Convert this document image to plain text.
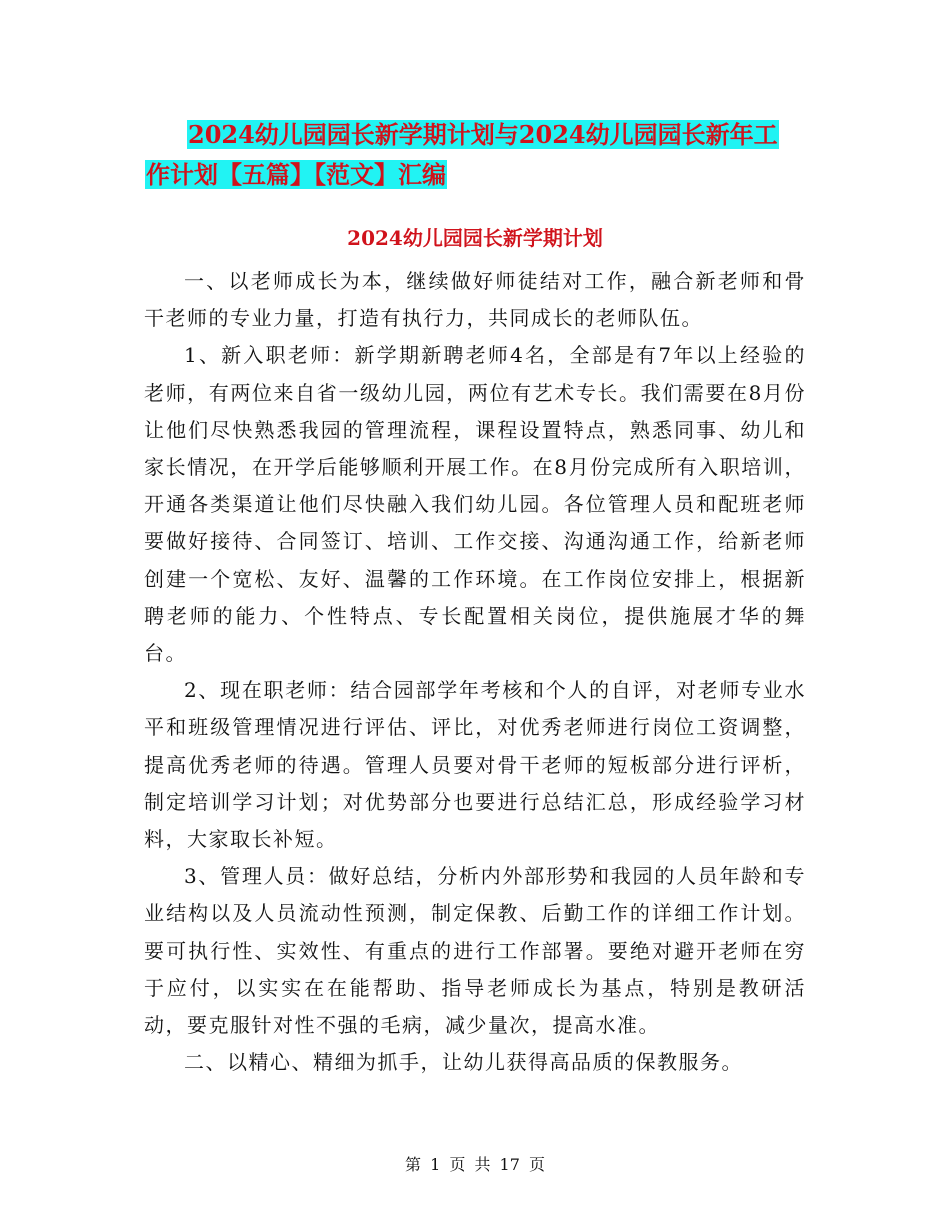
2024幼儿园园长新学期计划与2024幼儿园园长新年工
作计划【五篇】【范文】汇编
2024幼儿园园长新学期计划

一、以老师成长为本，继续做好师徒结对工作，融合新老师和骨干老师的专业力量，打造有执行力，共同成长的老师队伍。

1、新入职老师：新学期新聘老师4名，全部是有7年以上经验的老师，有两位来自省一级幼儿园，两位有艺术专长。我们需要在8月份让他们尽快熟悉我园的管理流程，课程设置特点，熟悉同事、幼儿和家长情况，在开学后能够顺利开展工作。在8月份完成所有入职培训，开通各类渠道让他们尽快融入我们幼儿园。各位管理人员和配班老师要做好接待、合同签订、培训、工作交接、沟通沟通工作，给新老师创建一个宽松、友好、温馨的工作环境。在工作岗位安排上，根据新聘老师的能力、个性特点、专长配置相关岗位，提供施展才华的舞台。

2、现在职老师：结合园部学年考核和个人的自评，对老师专业水平和班级管理情况进行评估、评比，对优秀老师进行岗位工资调整，提高优秀老师的待遇。管理人员要对骨干老师的短板部分进行评析，制定培训学习计划；对优势部分也要进行总结汇总，形成经验学习材料，大家取长补短。

3、管理人员：做好总结，分析内外部形势和我园的人员年龄和专业结构以及人员流动性预测，制定保教、后勤工作的详细工作计划。要可执行性、实效性、有重点的进行工作部署。要绝对避开老师在穷于应付，以实实在在能帮助、指导老师成长为基点，特别是教研活动，要克服针对性不强的毛病，减少量次，提高水准。

二、以精心、精细为抓手，让幼儿获得高品质的保教服务。

第 1 页 共 17 页
